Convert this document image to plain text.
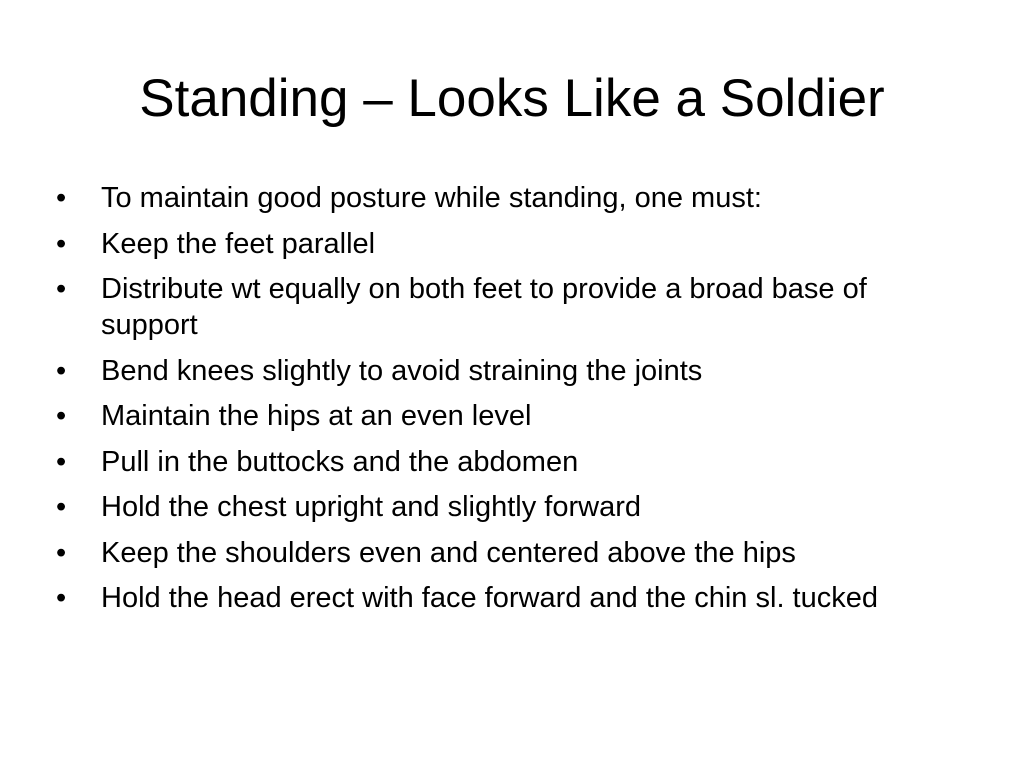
Standing – Looks Like a Soldier
•	To maintain good posture while standing, one must:
•	Keep the feet parallel
•	Distribute wt equally on both feet to provide a broad base of support
•	Bend knees slightly to avoid straining the joints
•	Maintain the hips at an even level
•	Pull in the buttocks and the abdomen
•	Hold the chest upright and slightly forward
•	Keep the shoulders even and centered above the hips
•	Hold the head erect with face forward and the chin sl. tucked
